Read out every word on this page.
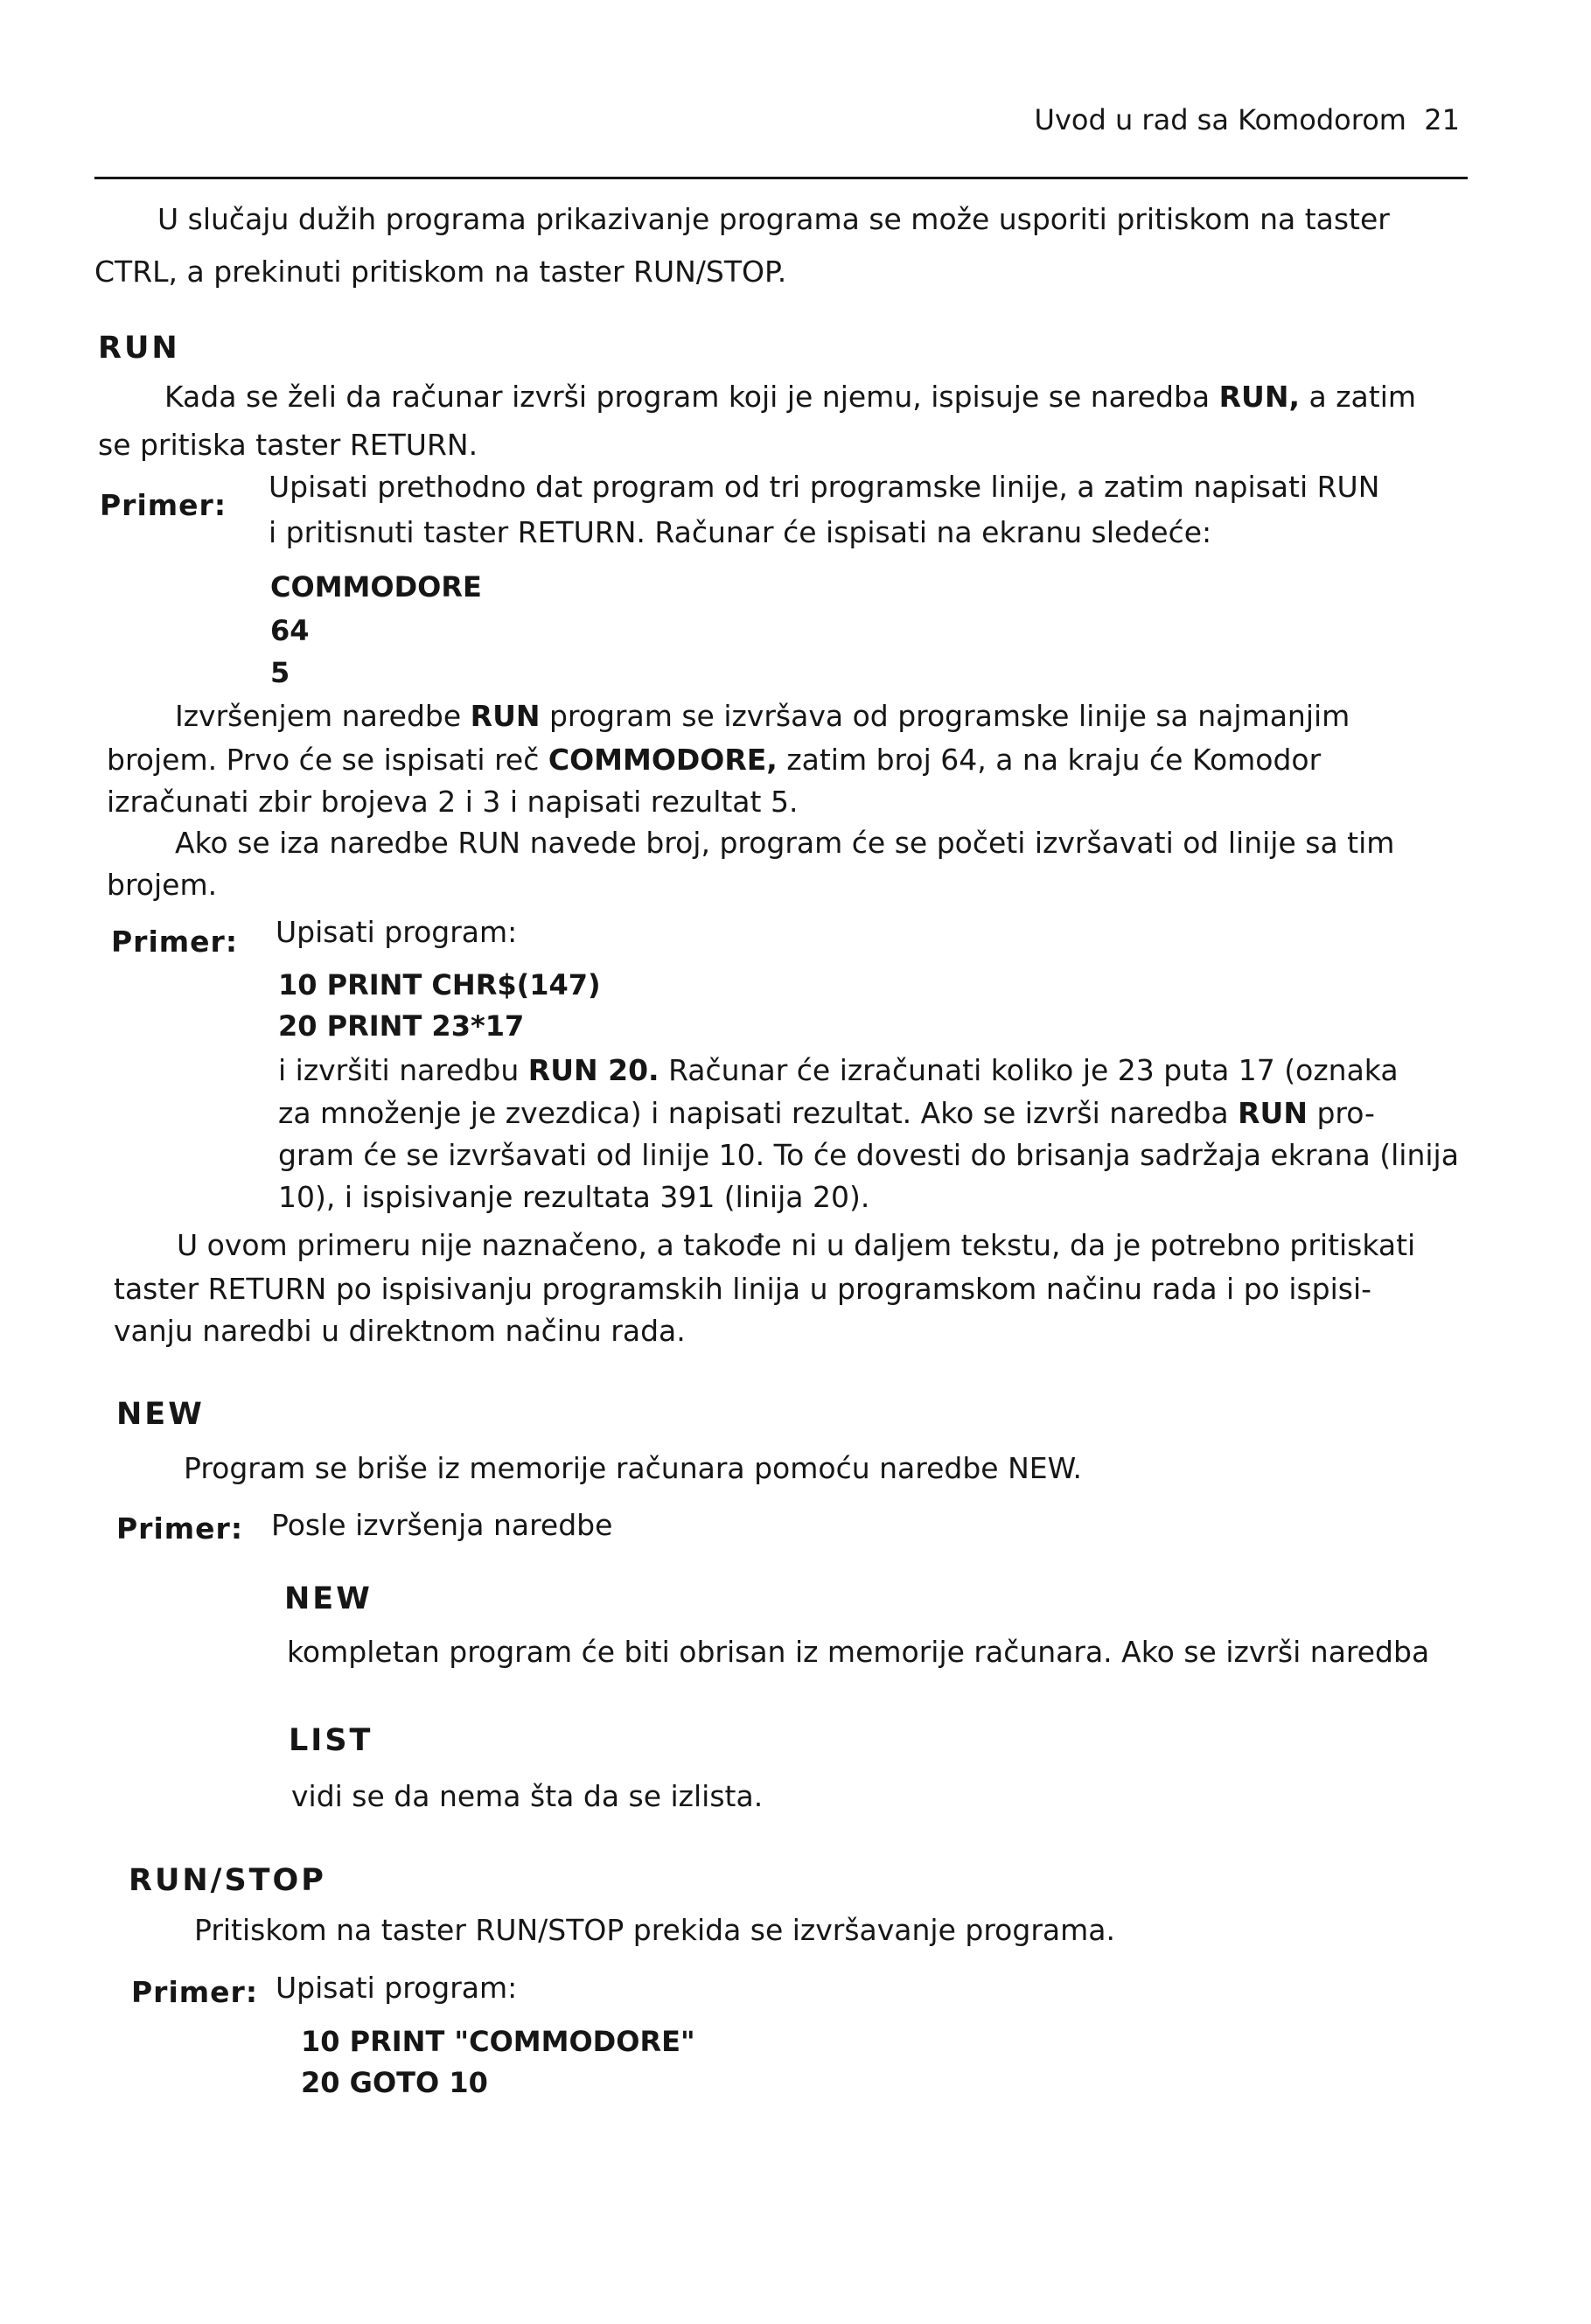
Uvod u rad sa Komodorom 21

U slučaju dužih programa prikazivanje programa se može usporiti pritiskom na taster

CTRL, a prekinuti pritiskom na taster RUN/STOP.

RUN

Kada se želi da računar izvrši program koji je njemu, ispisuje se naredba RUN, a zatim

se pritiska taster RETURN.

Primer:

Upisati prethodno dat program od tri programske linije, a zatim napisati RUN

i pritisnuti taster RETURN. Računar će ispisati na ekranu sledeće:

COMMODORE
64
5

Izvršenjem naredbe RUN program se izvršava od programske linije sa najmanjim

brojem. Prvo će se ispisati reč COMMODORE, zatim broj 64, a na kraju će Komodor

izračunati zbir brojeva 2 i 3 i napisati rezultat 5.

Ako se iza naredbe RUN navede broj, program će se početi izvršavati od linije sa tim

brojem.

Primer: Upisati program:

10 PRINT CHR$(147)
20 PRINT 23*17

i izvršiti naredbu RUN 20. Računar će izračunati koliko je 23 puta 17 (oznaka

za množenje je zvezdica) i napisati rezultat. Ako se izvrši naredba RUN pro-

gram će se izvršavati od linije 10. To će dovesti do brisanja sadržaja ekrana (linija

10), i ispisivanje rezultata 391 (linija 20).

U ovom primeru nije naznačeno, a takođe ni u daljem tekstu, da je potrebno pritiskati

taster RETURN po ispisivanju programskih linija u programskom načinu rada i po ispisi-

vanju naredbi u direktnom načinu rada.

NEW

Program se briše iz memorije računara pomoću naredbe NEW.

Primer: Posle izvršenja naredbe

NEW

kompletan program će biti obrisan iz memorije računara. Ako se izvrši naredba

LIST

vidi se da nema šta da se izlista.

RUN/STOP

Pritiskom na taster RUN/STOP prekida se izvršavanje programa.

Primer: Upisati program:

10 PRINT "COMMODORE"
20 GOTO 10
